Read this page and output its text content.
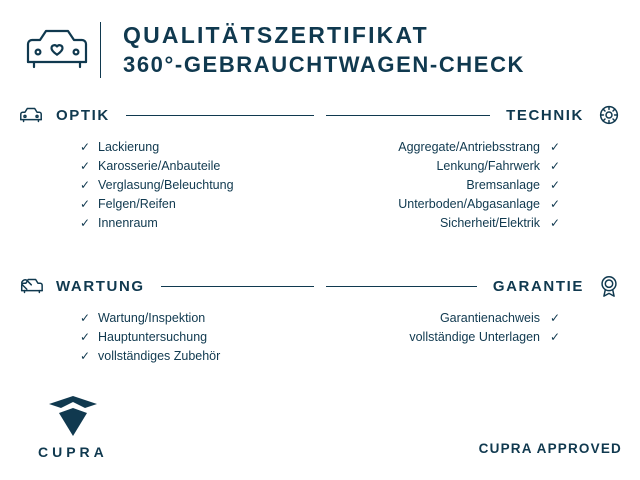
QUALITÄTSZERTIFIKAT
360°-GEBRAUCHTWAGEN-CHECK
OPTIK	TECHNIK
✓ Lackierung
✓ Karosserie/Anbauteile
✓ Verglasung/Beleuchtung
✓ Felgen/Reifen
✓ Innenraum
Aggregate/Antriebsstrang ✓
Lenkung/Fahrwerk ✓
Bremsanlage ✓
Unterboden/Abgasanlage ✓
Sicherheit/Elektrik ✓
WARTUNG	GARANTIE
✓ Wartung/Inspektion
✓ Hauptuntersuchung
✓ vollständiges Zubehör
Garantienachweis ✓
vollständige Unterlagen ✓
CUPRA	CUPRA APPROVED
